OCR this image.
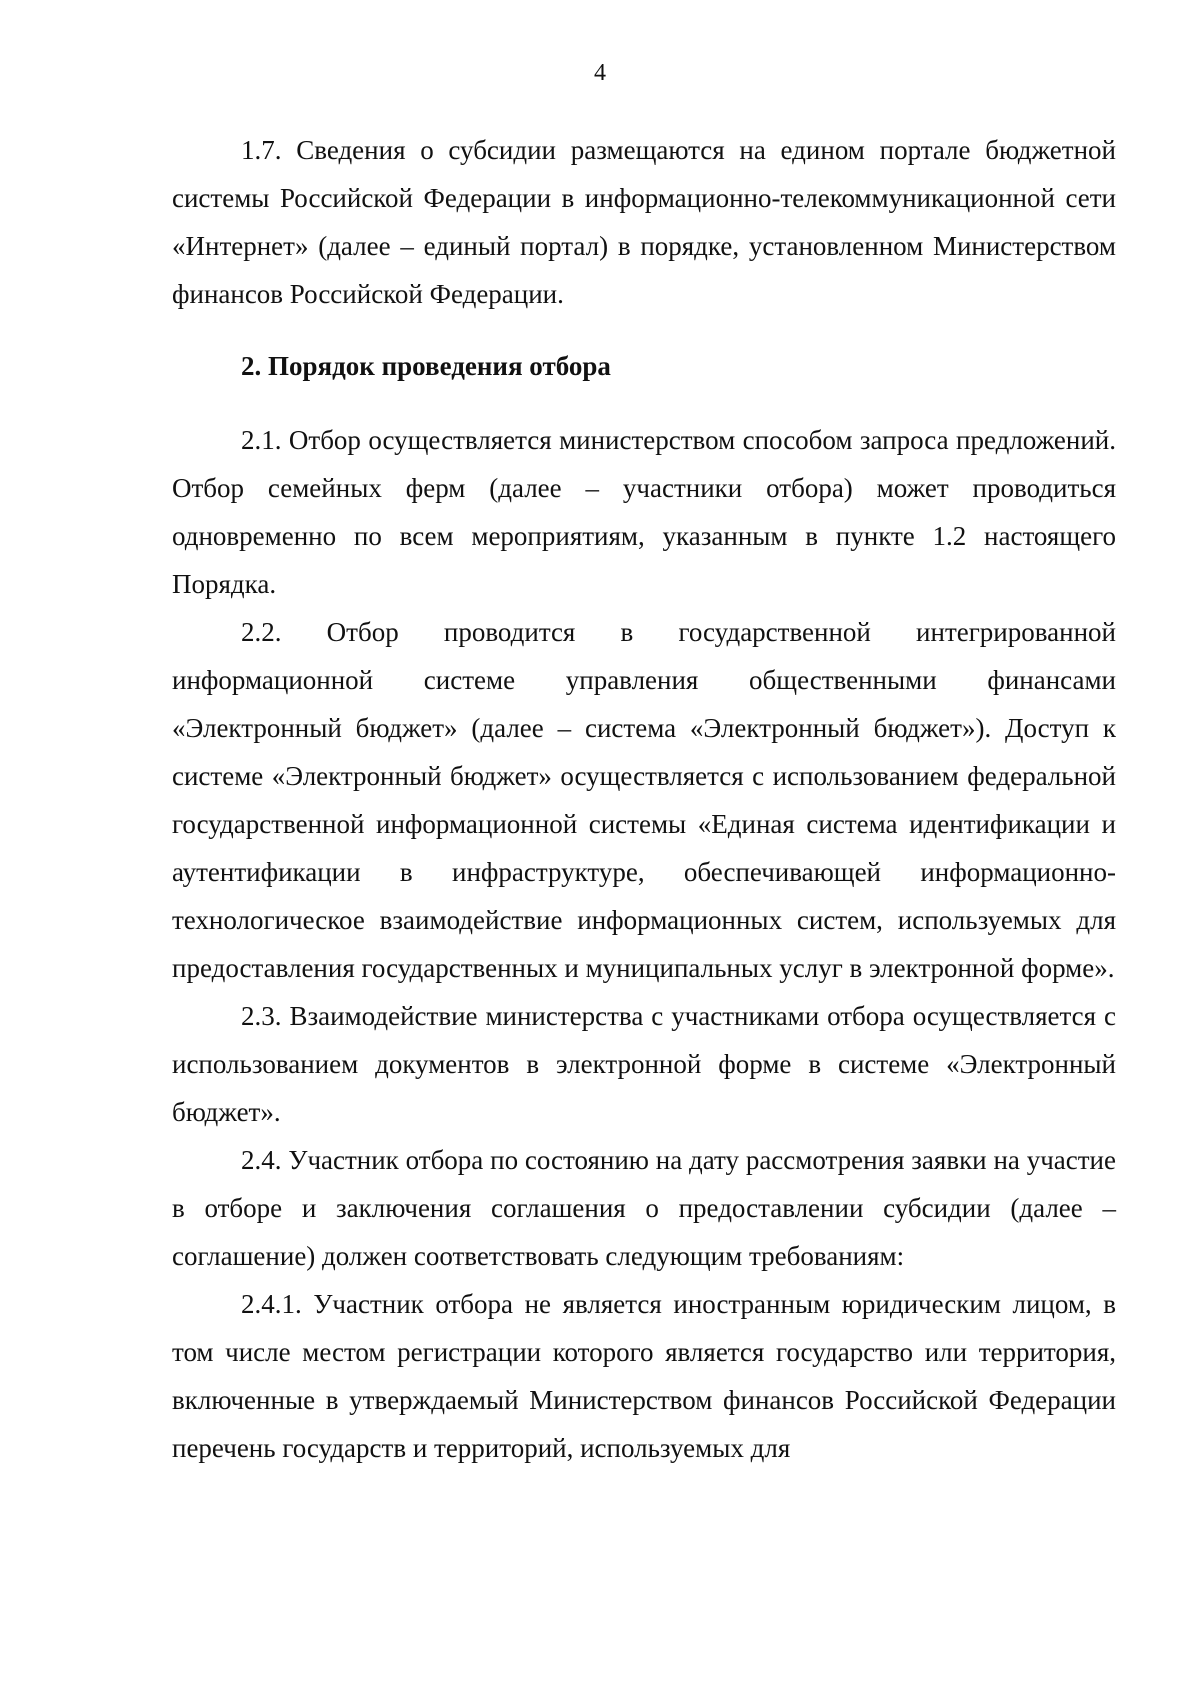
4

1.7. Сведения о субсидии размещаются на едином портале бюджетной системы Российской Федерации в информационно-телекоммуникационной сети «Интернет» (далее – единый портал) в порядке, установленном Министерством финансов Российской Федерации.

2. Порядок проведения отбора

2.1. Отбор осуществляется министерством способом запроса предложений. Отбор семейных ферм (далее – участники отбора) может проводиться одновременно по всем мероприятиям, указанным в пункте 1.2 настоящего Порядка.

2.2. Отбор проводится в государственной интегрированной информационной системе управления общественными финансами «Электронный бюджет» (далее – система «Электронный бюджет»). Доступ к системе «Электронный бюджет» осуществляется с использованием федеральной государственной информационной системы «Единая система идентификации и аутентификации в инфраструктуре, обеспечивающей информационно-технологическое взаимодействие информационных систем, используемых для предоставления государственных и муниципальных услуг в электронной форме».

2.3. Взаимодействие министерства с участниками отбора осуществляется с использованием документов в электронной форме в системе «Электронный бюджет».

2.4. Участник отбора по состоянию на дату рассмотрения заявки на участие в отборе и заключения соглашения о предоставлении субсидии (далее – соглашение) должен соответствовать следующим требованиям:

2.4.1. Участник отбора не является иностранным юридическим лицом, в том числе местом регистрации которого является государство или территория, включенные в утверждаемый Министерством финансов Российской Федерации перечень государств и территорий, используемых для
